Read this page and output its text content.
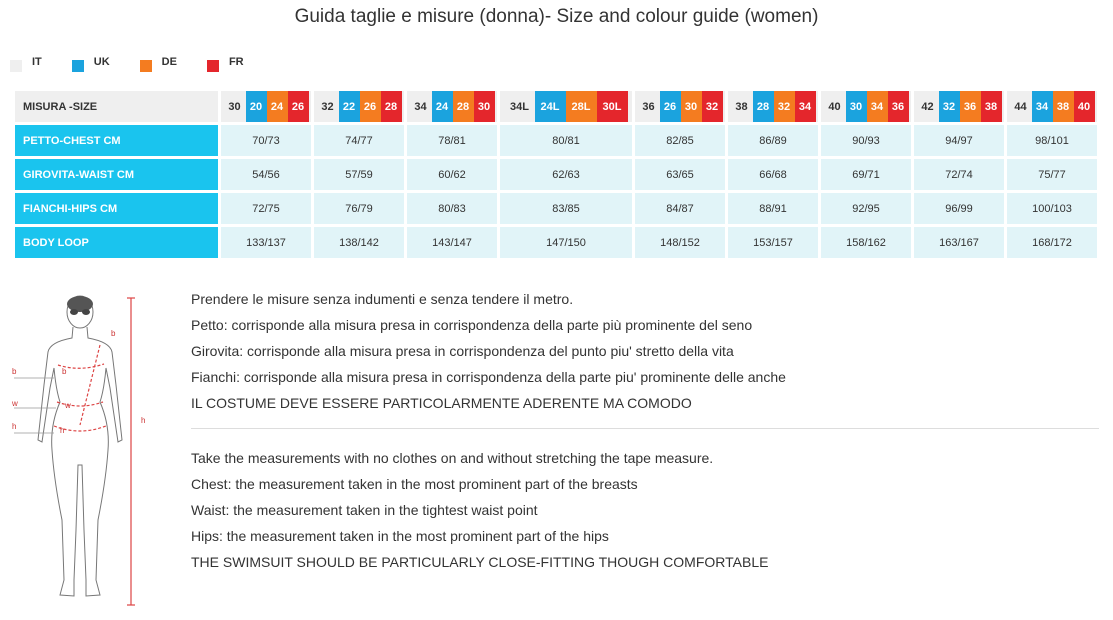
Guida taglie e misure (donna)- Size and colour guide (women)
IT	UK	DE	FR
MISURA -SIZE	30 20 24 26	32 22 26 28	34 24 28 30	34L 24L 28L 30L	36 26 30 32	38 28 32 34	40 30 34 36	42 32 36 38	44 34 38 40

PETTO-CHEST CM	70/73	74/77	78/81	80/81	82/85	86/89	90/93	94/97	98/101
GIROVITA-WAIST CM	54/56	57/59	60/62	62/63	63/65	66/68	69/71	72/74	75/77
FIANCHI-HIPS CM	72/75	76/79	80/83	83/85	84/87	88/91	92/95	96/99	100/103
BODY LOOP	133/137	138/142	143/147	147/150	148/152	153/157	158/162	163/167	168/172
b
w
h
b
w
h
b
h

Prendere le misure senza indumenti e senza tendere il metro.

Petto: corrisponde alla misura presa in corrispondenza della parte più prominente del seno

Girovita: corrisponde alla misura presa in corrispondenza del punto piu' stretto della vita

Fianchi: corrisponde alla misura presa in corrispondenza della parte piu' prominente delle anche

IL COSTUME DEVE ESSERE PARTICOLARMENTE ADERENTE MA COMODO

Take the measurements with no clothes on and without stretching the tape measure.

Chest: the measurement taken in the most prominent part of the breasts

Waist: the measurement taken in the tightest waist point

Hips: the measurement taken in the most prominent part of the hips

THE SWIMSUIT SHOULD BE PARTICULARLY CLOSE-FITTING THOUGH COMFORTABLE
